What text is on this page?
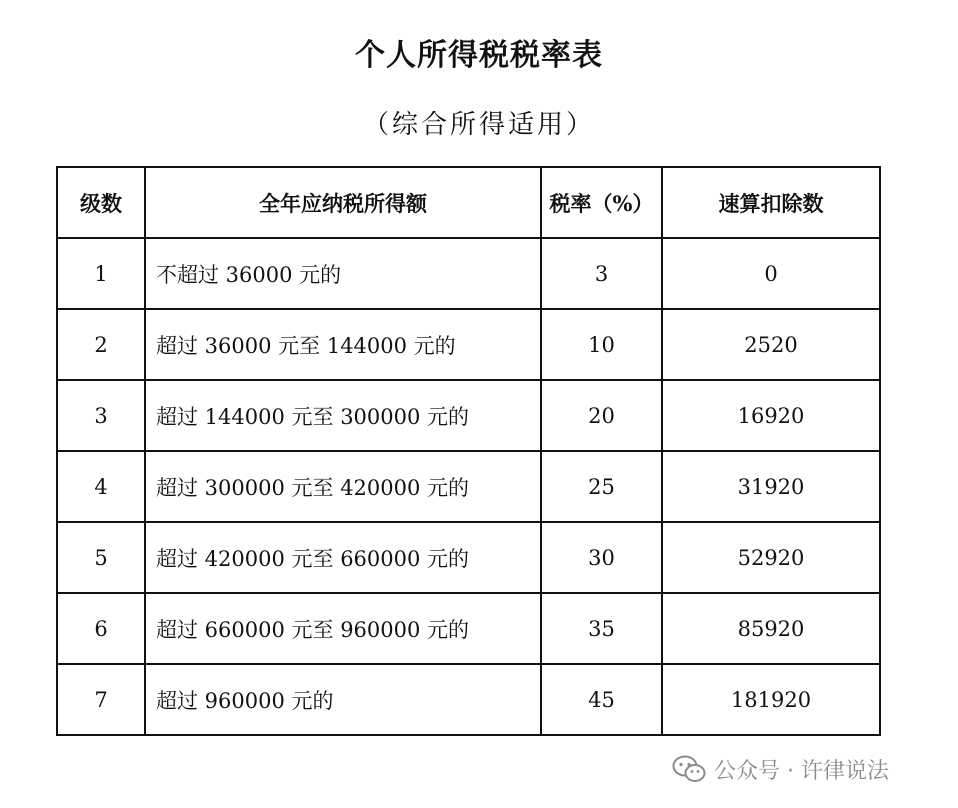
个人所得税税率表
（综合所得适用）
级数	全年应纳税所得额	税率（%）	速算扣除数
1	不超过 36000 元的	3	0
2	超过 36000 元至 144000 元的	10	2520
3	超过 144000 元至 300000 元的	20	16920
4	超过 300000 元至 420000 元的	25	31920
5	超过 420000 元至 660000 元的	30	52920
6	超过 660000 元至 960000 元的	35	85920
7	超过 960000 元的	45	181920
公众号 · 许律说法
